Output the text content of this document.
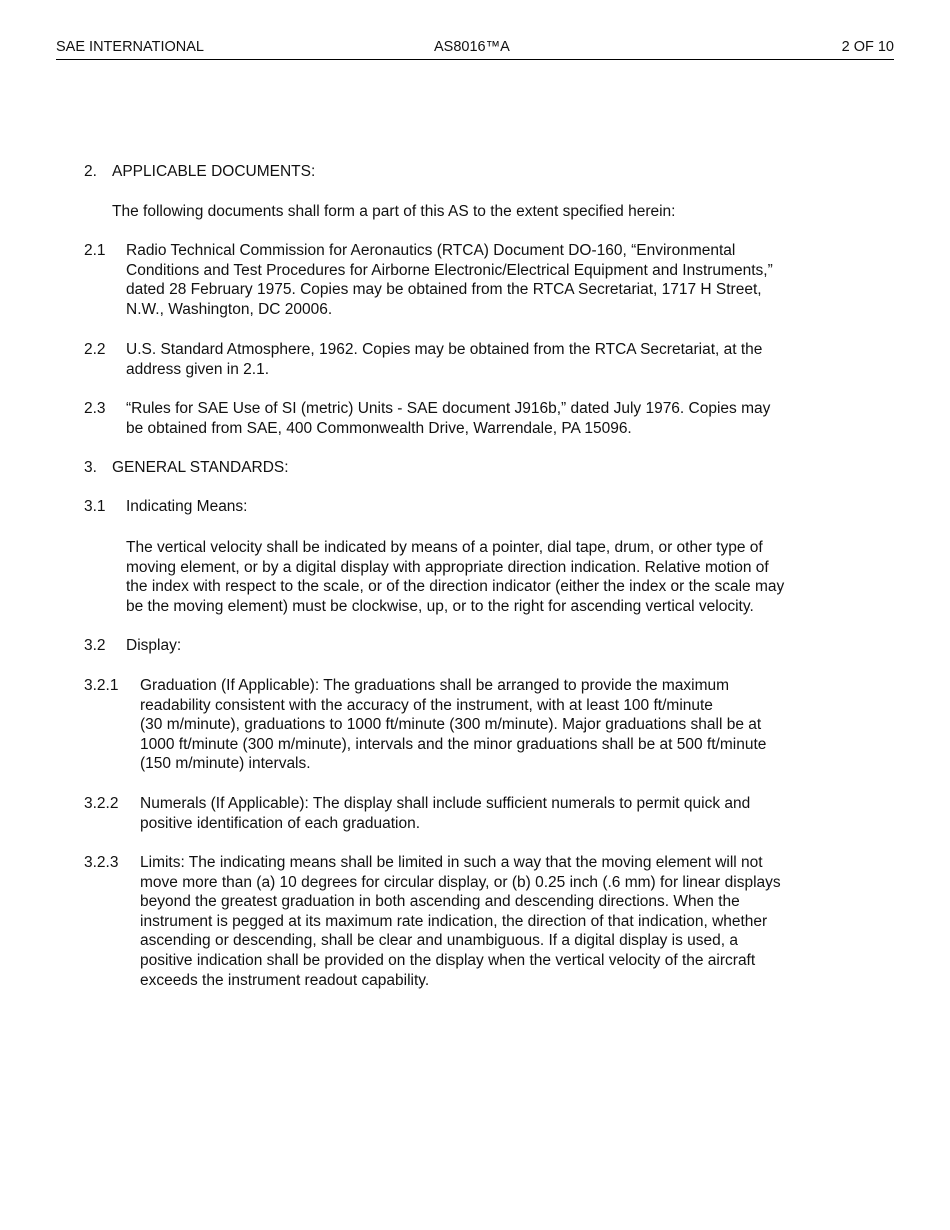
SAE INTERNATIONAL	AS8016™A	2 OF 10
2. APPLICABLE DOCUMENTS:
The following documents shall form a part of this AS to the extent specified herein:
2.1 Radio Technical Commission for Aeronautics (RTCA) Document DO-160, “Environmental
Conditions and Test Procedures for Airborne Electronic/Electrical Equipment and Instruments,”
dated 28 February 1975. Copies may be obtained from the RTCA Secretariat, 1717 H Street,
N.W., Washington, DC 20006.
2.2 U.S. Standard Atmosphere, 1962. Copies may be obtained from the RTCA Secretariat, at the
address given in 2.1.
2.3 “Rules for SAE Use of SI (metric) Units - SAE document J916b,” dated July 1976. Copies may
be obtained from SAE, 400 Commonwealth Drive, Warrendale, PA 15096.
3. GENERAL STANDARDS:
3.1 Indicating Means:
The vertical velocity shall be indicated by means of a pointer, dial tape, drum, or other type of
moving element, or by a digital display with appropriate direction indication. Relative motion of
the index with respect to the scale, or of the direction indicator (either the index or the scale may
be the moving element) must be clockwise, up, or to the right for ascending vertical velocity.
3.2 Display:
3.2.1 Graduation (If Applicable): The graduations shall be arranged to provide the maximum
readability consistent with the accuracy of the instrument, with at least 100 ft/minute
(30 m/minute), graduations to 1000 ft/minute (300 m/minute). Major graduations shall be at
1000 ft/minute (300 m/minute), intervals and the minor graduations shall be at 500 ft/minute
(150 m/minute) intervals.
3.2.2 Numerals (If Applicable): The display shall include sufficient numerals to permit quick and
positive identification of each graduation.
3.2.3 Limits: The indicating means shall be limited in such a way that the moving element will not
move more than (a) 10 degrees for circular display, or (b) 0.25 inch (.6 mm) for linear displays
beyond the greatest graduation in both ascending and descending directions. When the
instrument is pegged at its maximum rate indication, the direction of that indication, whether
ascending or descending, shall be clear and unambiguous. If a digital display is used, a
positive indication shall be provided on the display when the vertical velocity of the aircraft
exceeds the instrument readout capability.
